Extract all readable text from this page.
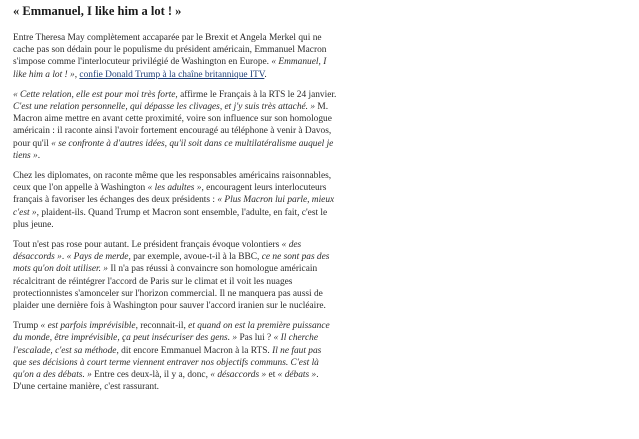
« Emmanuel, I like him a lot ! »

Entre Theresa May complètement accaparée par le Brexit et Angela Merkel qui ne cache pas son dédain pour le populisme du président américain, Emmanuel Macron s'impose comme l'interlocuteur privilégié de Washington en Europe. « Emmanuel, I like him a lot ! », confie Donald Trump à la chaîne britannique ITV.

« Cette relation, elle est pour moi très forte, affirme le Français à la RTS le 24 janvier. C'est une relation personnelle, qui dépasse les clivages, et j'y suis très attaché. » M. Macron aime mettre en avant cette proximité, voire son influence sur son homologue américain : il raconte ainsi l'avoir fortement encouragé au téléphone à venir à Davos, pour qu'il « se confronte à d'autres idées, qu'il soit dans ce multilatéralisme auquel je tiens ».

Chez les diplomates, on raconte même que les responsables américains raisonnables, ceux que l'on appelle à Washington « les adultes », encouragent leurs interlocuteurs français à favoriser les échanges des deux présidents : « Plus Macron lui parle, mieux c'est », plaident-ils. Quand Trump et Macron sont ensemble, l'adulte, en fait, c'est le plus jeune.

Tout n'est pas rose pour autant. Le président français évoque volontiers « des désaccords ». « Pays de merde, par exemple, avoue-t-il à la BBC, ce ne sont pas des mots qu'on doit utiliser. » Il n'a pas réussi à convaincre son homologue américain récalcitrant de réintégrer l'accord de Paris sur le climat et il voit les nuages protectionnistes s'amonceler sur l'horizon commercial. Il ne manquera pas aussi de plaider une dernière fois à Washington pour sauver l'accord iranien sur le nucléaire.

Trump « est parfois imprévisible, reconnait-il, et quand on est la première puissance du monde, être imprévisible, ça peut insécuriser des gens. » Pas lui ? « Il cherche l'escalade, c'est sa méthode, dit encore Emmanuel Macron à la RTS. Il ne faut pas que ses décisions à court terme viennent entraver nos objectifs communs. C'est là qu'on a des débats. » Entre ces deux-là, il y a, donc, « désaccords » et « débats ». D'une certaine manière, c'est rassurant.
